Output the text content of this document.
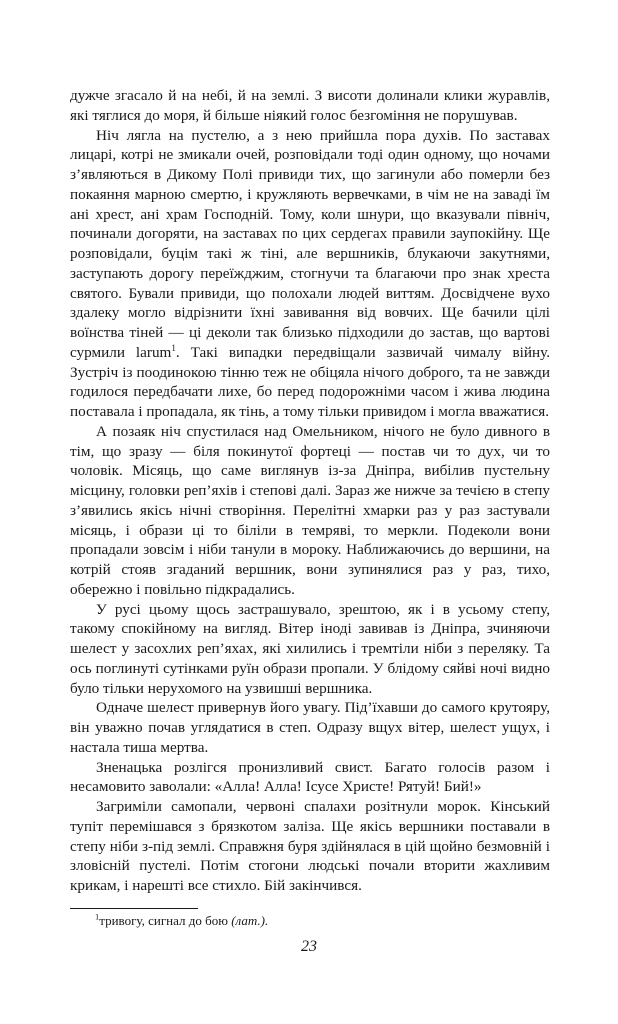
дужче згасало й на небі, й на землі. З висоти долинали клики журавлів, які тяглися до моря, й більше ніякий голос безгоміння не порушував.

Ніч лягла на пустелю, а з нею прийшла пора духів. По заставах лицарі, котрі не змикали очей, розповідали тоді один одному, що ночами з’являються в Дикому Полі привиди тих, що загинули або померли без покаяння марною смертю, і кружляють вервечками, в чім не на заваді їм ані хрест, ані храм Господній. Тому, коли шнури, що вказували північ, починали догоряти, на заставах по цих сердегах правили заупокійну. Ще розповідали, буцім такі ж тіні, але вершників, блукаючи закутнями, заступають дорогу переїжджим, стогнучи та благаючи про знак хреста святого. Бували привиди, що полохали людей виттям. Досвідчене вухо здалеку могло відрізнити їхні завивання від вовчих. Ще бачили цілі воїнства тіней — ці деколи так близько підходили до застав, що вартові сурмили larum$^1$. Такі випадки передвіщали зазвичай чималу війну. Зустріч із поодинокою тінню теж не обіцяла нічого доброго, та не завжди годилося передбачати лихе, бо перед подорожніми часом і жива людина поставала і пропадала, як тінь, а тому тільки привидом і могла вважатися.

А позаяк ніч спустилася над Омельником, нічого не було дивного в тім, що зразу — біля покинутої фортеці — постав чи то дух, чи то чоловік. Місяць, що саме виглянув із-за Дніпра, вибілив пустельну місцину, головки реп’яхів і степові далі. Зараз же нижче за течією в степу з’явились якісь нічні створіння. Перелітні хмарки раз у раз застували місяць, і образи ці то біліли в темряві, то меркли. Подеколи вони пропадали зовсім і ніби танули в мороку. Наближаючись до вершини, на котрій стояв згаданий вершник, вони зупинялися раз у раз, тихо, обережно і повільно підкрадались.

У русі цьому щось застрашувало, зрештою, як і в усьому степу, такому спокійному на вигляд. Вітер іноді завивав із Дніпра, зчиняючи шелест у засохлих реп’яхах, які хилились і тремтіли ніби з переляку. Та ось поглинуті сутінками руїн образи пропали. У блідому сяйві ночі видно було тільки нерухомого на узвишші вершника.

Одначе шелест привернув його увагу. Під’їхавши до самого крутояру, він уважно почав углядатися в степ. Одразу вщух вітер, шелест ущух, і настала тиша мертва.

Зненацька розлігся пронизливий свист. Багато голосів разом і несамовито заволали: «Алла! Алла! Ісусе Христе! Рятуй! Бий!»

Загриміли самопали, червоні спалахи розітнули морок. Кінський тупіт перемішався з брязкотом заліза. Ще якісь вершники поставали в степу ніби з-під землі. Справжня буря здійнялася в цій щойно безмовній і зловісній пустелі. Потім стогони людські почали вторити жахливим крикам, і нарешті все стихло. Бій закінчився.

$^1$тривогу, сигнал до бою (лат.).
23
